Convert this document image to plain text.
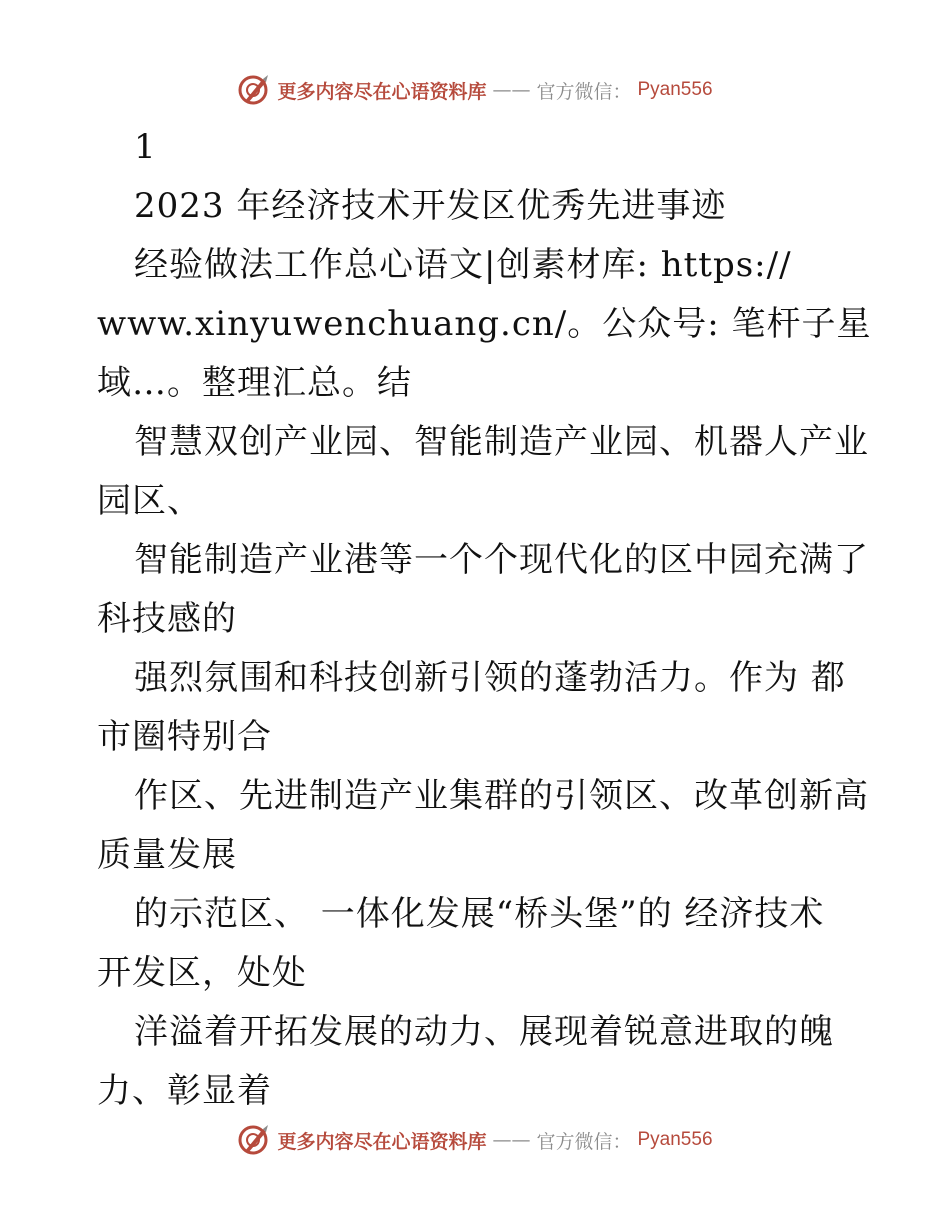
更多内容尽在心语资料库 —— 官方微信： Pyan556
1
2023 年经济技术开发区优秀先进事迹
经验做法工作总心语文|创素材库: https://
www.xinyuwenchuang.cn/。公众号: 笔杆子星
域…。整理汇总。结
智慧双创产业园、智能制造产业园、机器人产业
园区、
智能制造产业港等一个个现代化的区中园充满了
科技感的
强烈氛围和科技创新引领的蓬勃活力。作为 都
市圈特别合
作区、先进制造产业集群的引领区、改革创新高
质量发展
的示范区、 一体化发展“桥头堡”的 经济技术
开发区，处处
洋溢着开拓发展的动力、展现着锐意进取的魄
力、彰显着
更多内容尽在心语资料库 —— 官方微信： Pyan556
